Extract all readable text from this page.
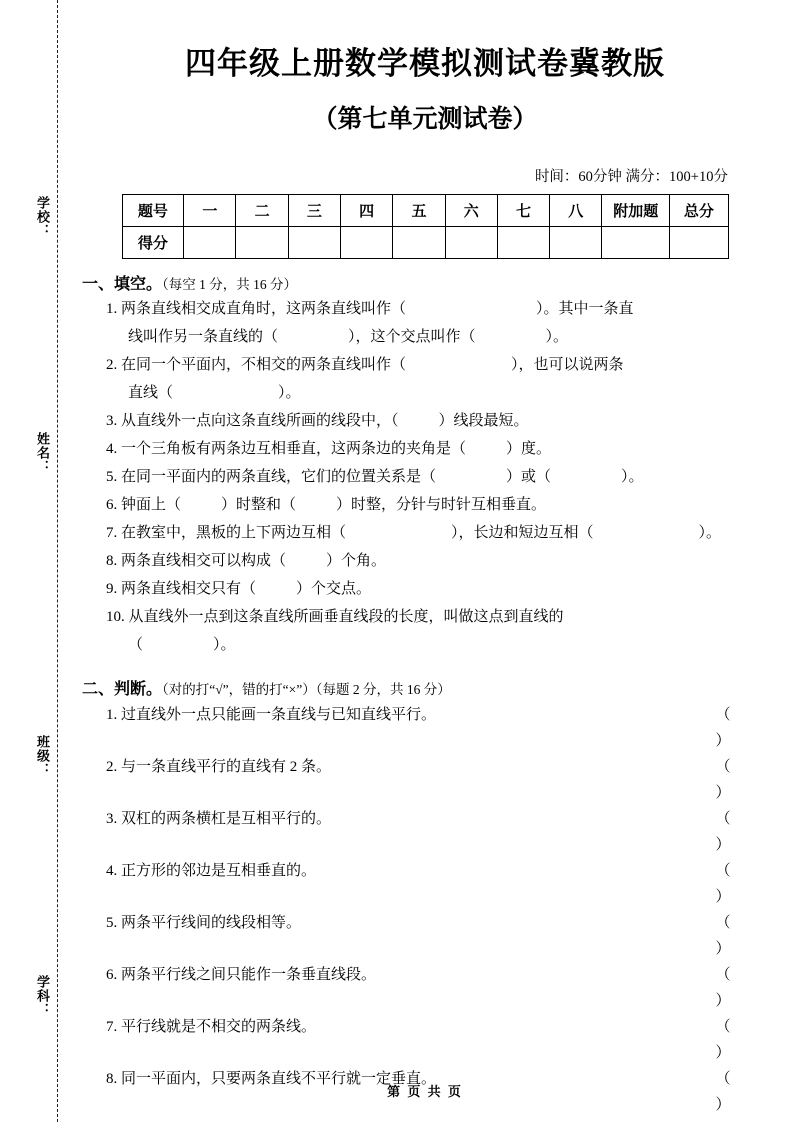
学校：
姓名：
班级：
学科：
四年级上册数学模拟测试卷冀教版
（第七单元测试卷）
时间：60分钟 满分：100+10分
题号	一	二	三	四	五	六	七	八	附加题	总分
得分										
一、填空。（每空 1 分，共 16 分）
1. 两条直线相交成直角时，这两条直线叫作（	）。其中一条直
线叫作另一条直线的（	），这个交点叫作（	）。
2. 在同一个平面内，不相交的两条直线叫作（	），也可以说两条
直线（	）。
3. 从直线外一点向这条直线所画的线段中，（	）线段最短。
4. 一个三角板有两条边互相垂直，这两条边的夹角是（	）度。
5. 在同一平面内的两条直线，它们的位置关系是（	）或（	）。
6. 钟面上（	）时整和（	）时整，分针与时针互相垂直。
7. 在教室中，黑板的上下两边互相（	），长边和短边互相（	）。
8. 两条直线相交可以构成（	）个角。
9. 两条直线相交只有（	）个交点。
10. 从直线外一点到这条直线所画垂直线段的长度，叫做这点到直线的
（	）。
二、判断。（对的打“√”，错的打“×”）（每题 2 分，共 16 分）
1. 过直线外一点只能画一条直线与已知直线平行。	（ ）
2. 与一条直线平行的直线有 2 条。	（ ）
3. 双杠的两条横杠是互相平行的。	（ ）
4. 正方形的邻边是互相垂直的。	（ ）
5. 两条平行线间的线段相等。	（ ）
6. 两条平行线之间只能作一条垂直线段。	（ ）
7. 平行线就是不相交的两条线。	（ ）
8. 同一平面内，只要两条直线不平行就一定垂直。	（ ）
第 页 共 页
